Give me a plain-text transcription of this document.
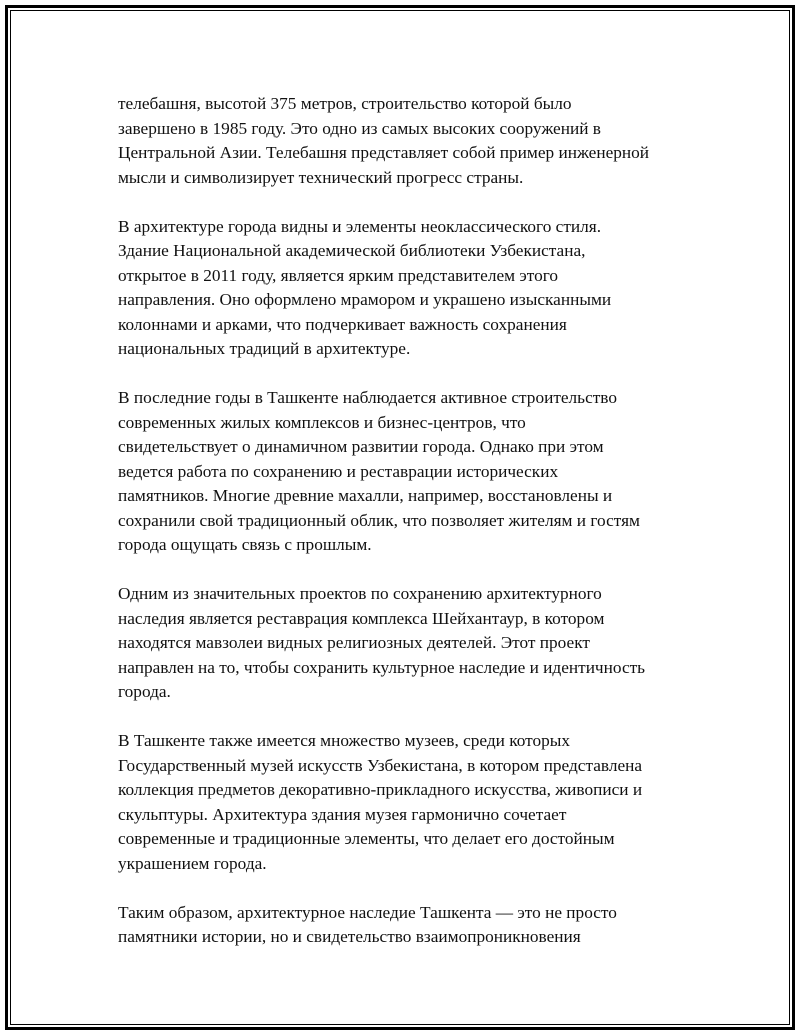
телебашня, высотой 375 метров, строительство которой было
завершено в 1985 году. Это одно из самых высоких сооружений в
Центральной Азии. Телебашня представляет собой пример инженерной
мысли и символизирует технический прогресс страны.

В архитектуре города видны и элементы неоклассического стиля.
Здание Национальной академической библиотеки Узбекистана,
открытое в 2011 году, является ярким представителем этого
направления. Оно оформлено мрамором и украшено изысканными
колоннами и арками, что подчеркивает важность сохранения
национальных традиций в архитектуре.

В последние годы в Ташкенте наблюдается активное строительство
современных жилых комплексов и бизнес-центров, что
свидетельствует о динамичном развитии города. Однако при этом
ведется работа по сохранению и реставрации исторических
памятников. Многие древние махалли, например, восстановлены и
сохранили свой традиционный облик, что позволяет жителям и гостям
города ощущать связь с прошлым.

Одним из значительных проектов по сохранению архитектурного
наследия является реставрация комплекса Шейхантаур, в котором
находятся мавзолеи видных религиозных деятелей. Этот проект
направлен на то, чтобы сохранить культурное наследие и идентичность
города.

В Ташкенте также имеется множество музеев, среди которых
Государственный музей искусств Узбекистана, в котором представлена
коллекция предметов декоративно-прикладного искусства, живописи и
скульптуры. Архитектура здания музея гармонично сочетает
современные и традиционные элементы, что делает его достойным
украшением города.

Таким образом, архитектурное наследие Ташкента — это не просто
памятники истории, но и свидетельство взаимопроникновения
